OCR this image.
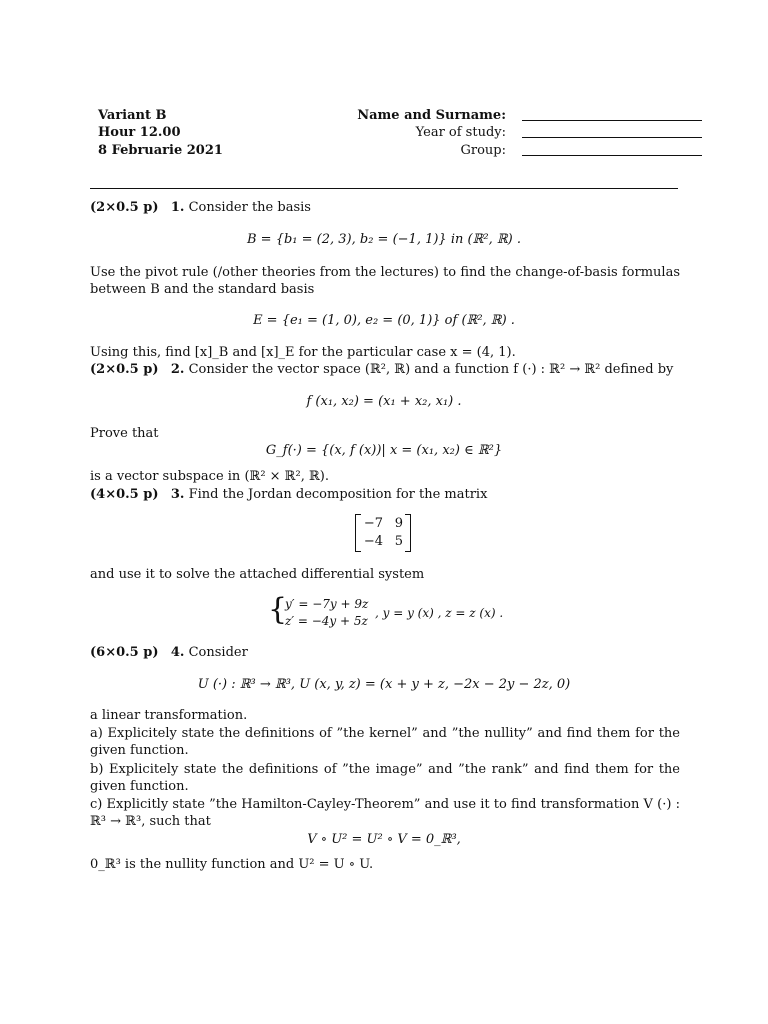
Variant B
Hour 12.00
8 Februarie 2021
Name and Surname:
Year of study:
Group:
(2×0.5 p) 1. Consider the basis
B = {b₁ = (2, 3), b₂ = (−1, 1)} in (ℝ², ℝ) .
Use the pivot rule (/other theories from the lectures) to find the change-of-basis formulas between B and the standard basis
E = {e₁ = (1, 0), e₂ = (0, 1)} of (ℝ², ℝ) .
Using this, find [x]_B and [x]_E for the particular case x = (4, 1).
(2×0.5 p) 2. Consider the vector space (ℝ², ℝ) and a function f (·) : ℝ² → ℝ² defined by
f (x₁, x₂) = (x₁ + x₂, x₁) .
Prove that
G_f(·) = {(x, f (x))| x = (x₁, x₂) ∈ ℝ²}
is a vector subspace in (ℝ² × ℝ², ℝ).
(4×0.5 p) 3. Find the Jordan decomposition for the matrix
−7 9
−4 5
and use it to solve the attached differential system
{
y′ = −7y + 9z
z′ = −4y + 5z
, y = y (x) , z = z (x) .
(6×0.5 p) 4. Consider
U (·) : ℝ³ → ℝ³, U (x, y, z) = (x + y + z, −2x − 2y − 2z, 0)
a linear transformation.
a) Explicitely state the definitions of ”the kernel” and ”the nullity” and find them for the given function.
b) Explicitely state the definitions of ”the image” and ”the rank” and find them for the given function.
c) Explicitly state ”the Hamilton-Cayley-Theorem” and use it to find transformation V (·) : ℝ³ → ℝ³, such that
V ∘ U² = U² ∘ V = 0_ℝ³,
0_ℝ³ is the nullity function and U² = U ∘ U.
